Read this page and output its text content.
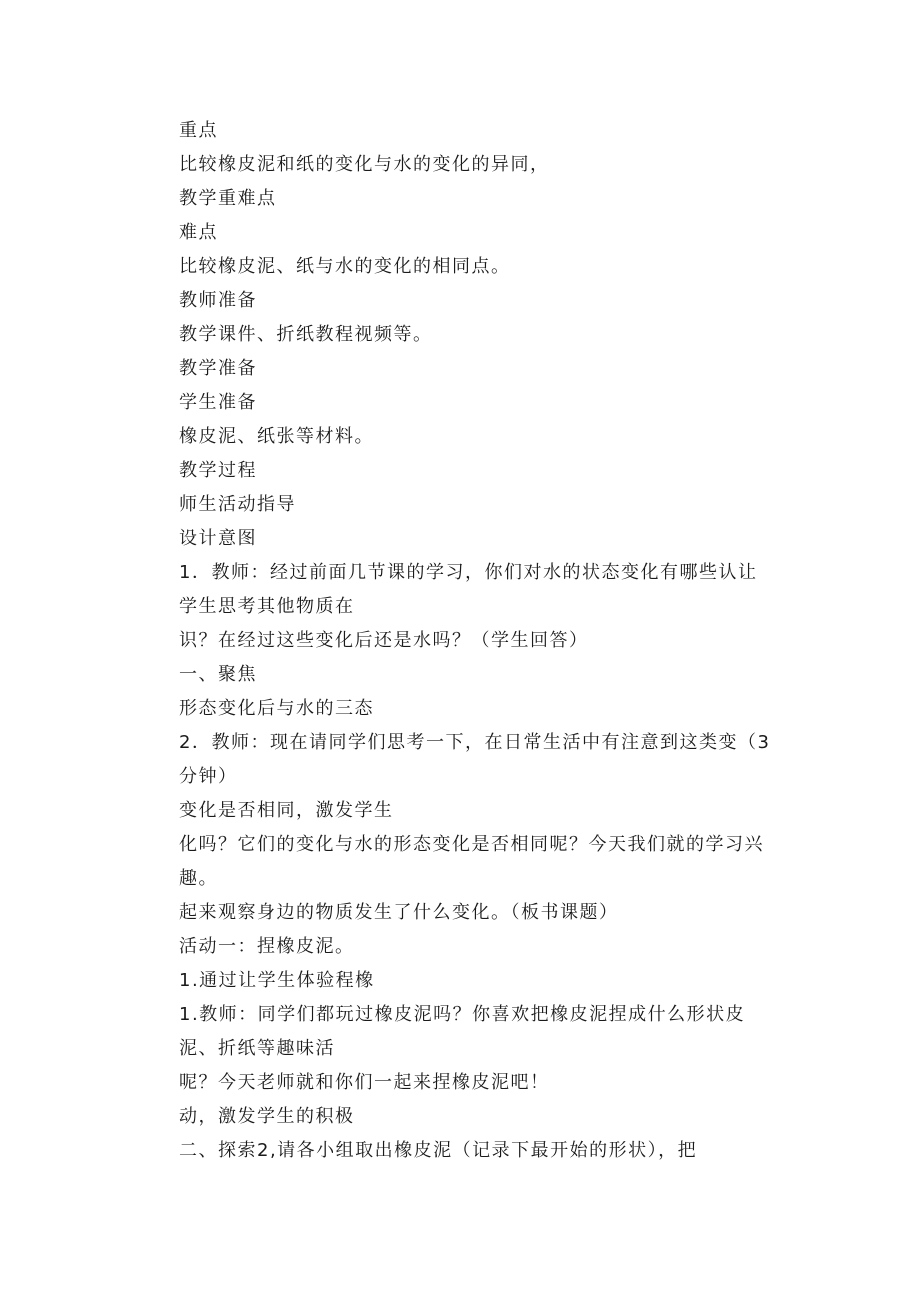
重点
比较橡皮泥和纸的变化与水的变化的异同，
教学重难点
难点
比较橡皮泥、纸与水的变化的相同点。
教师准备
教学课件、折纸教程视频等。
教学准备
学生准备
橡皮泥、纸张等材料。
教学过程
师生活动指导
设计意图
1．教师：经过前面几节课的学习，你们对水的状态变化有哪些认让
学生思考其他物质在
识？在经过这些变化后还是水吗？（学生回答）
一、聚焦
形态变化后与水的三态
2．教师：现在请同学们思考一下，在日常生活中有注意到这类变（3
分钟）
变化是否相同，激发学生
化吗？它们的变化与水的形态变化是否相同呢？今天我们就的学习兴
趣。
起来观察身边的物质发生了什么变化。（板书课题）
活动一：捏橡皮泥。
1.通过让学生体验程橡
1.教师：同学们都玩过橡皮泥吗？你喜欢把橡皮泥捏成什么形状皮
泥、折纸等趣味活
呢？今天老师就和你们一起来捏橡皮泥吧！
动，激发学生的积极
二、探索2,请各小组取出橡皮泥（记录下最开始的形状），把
